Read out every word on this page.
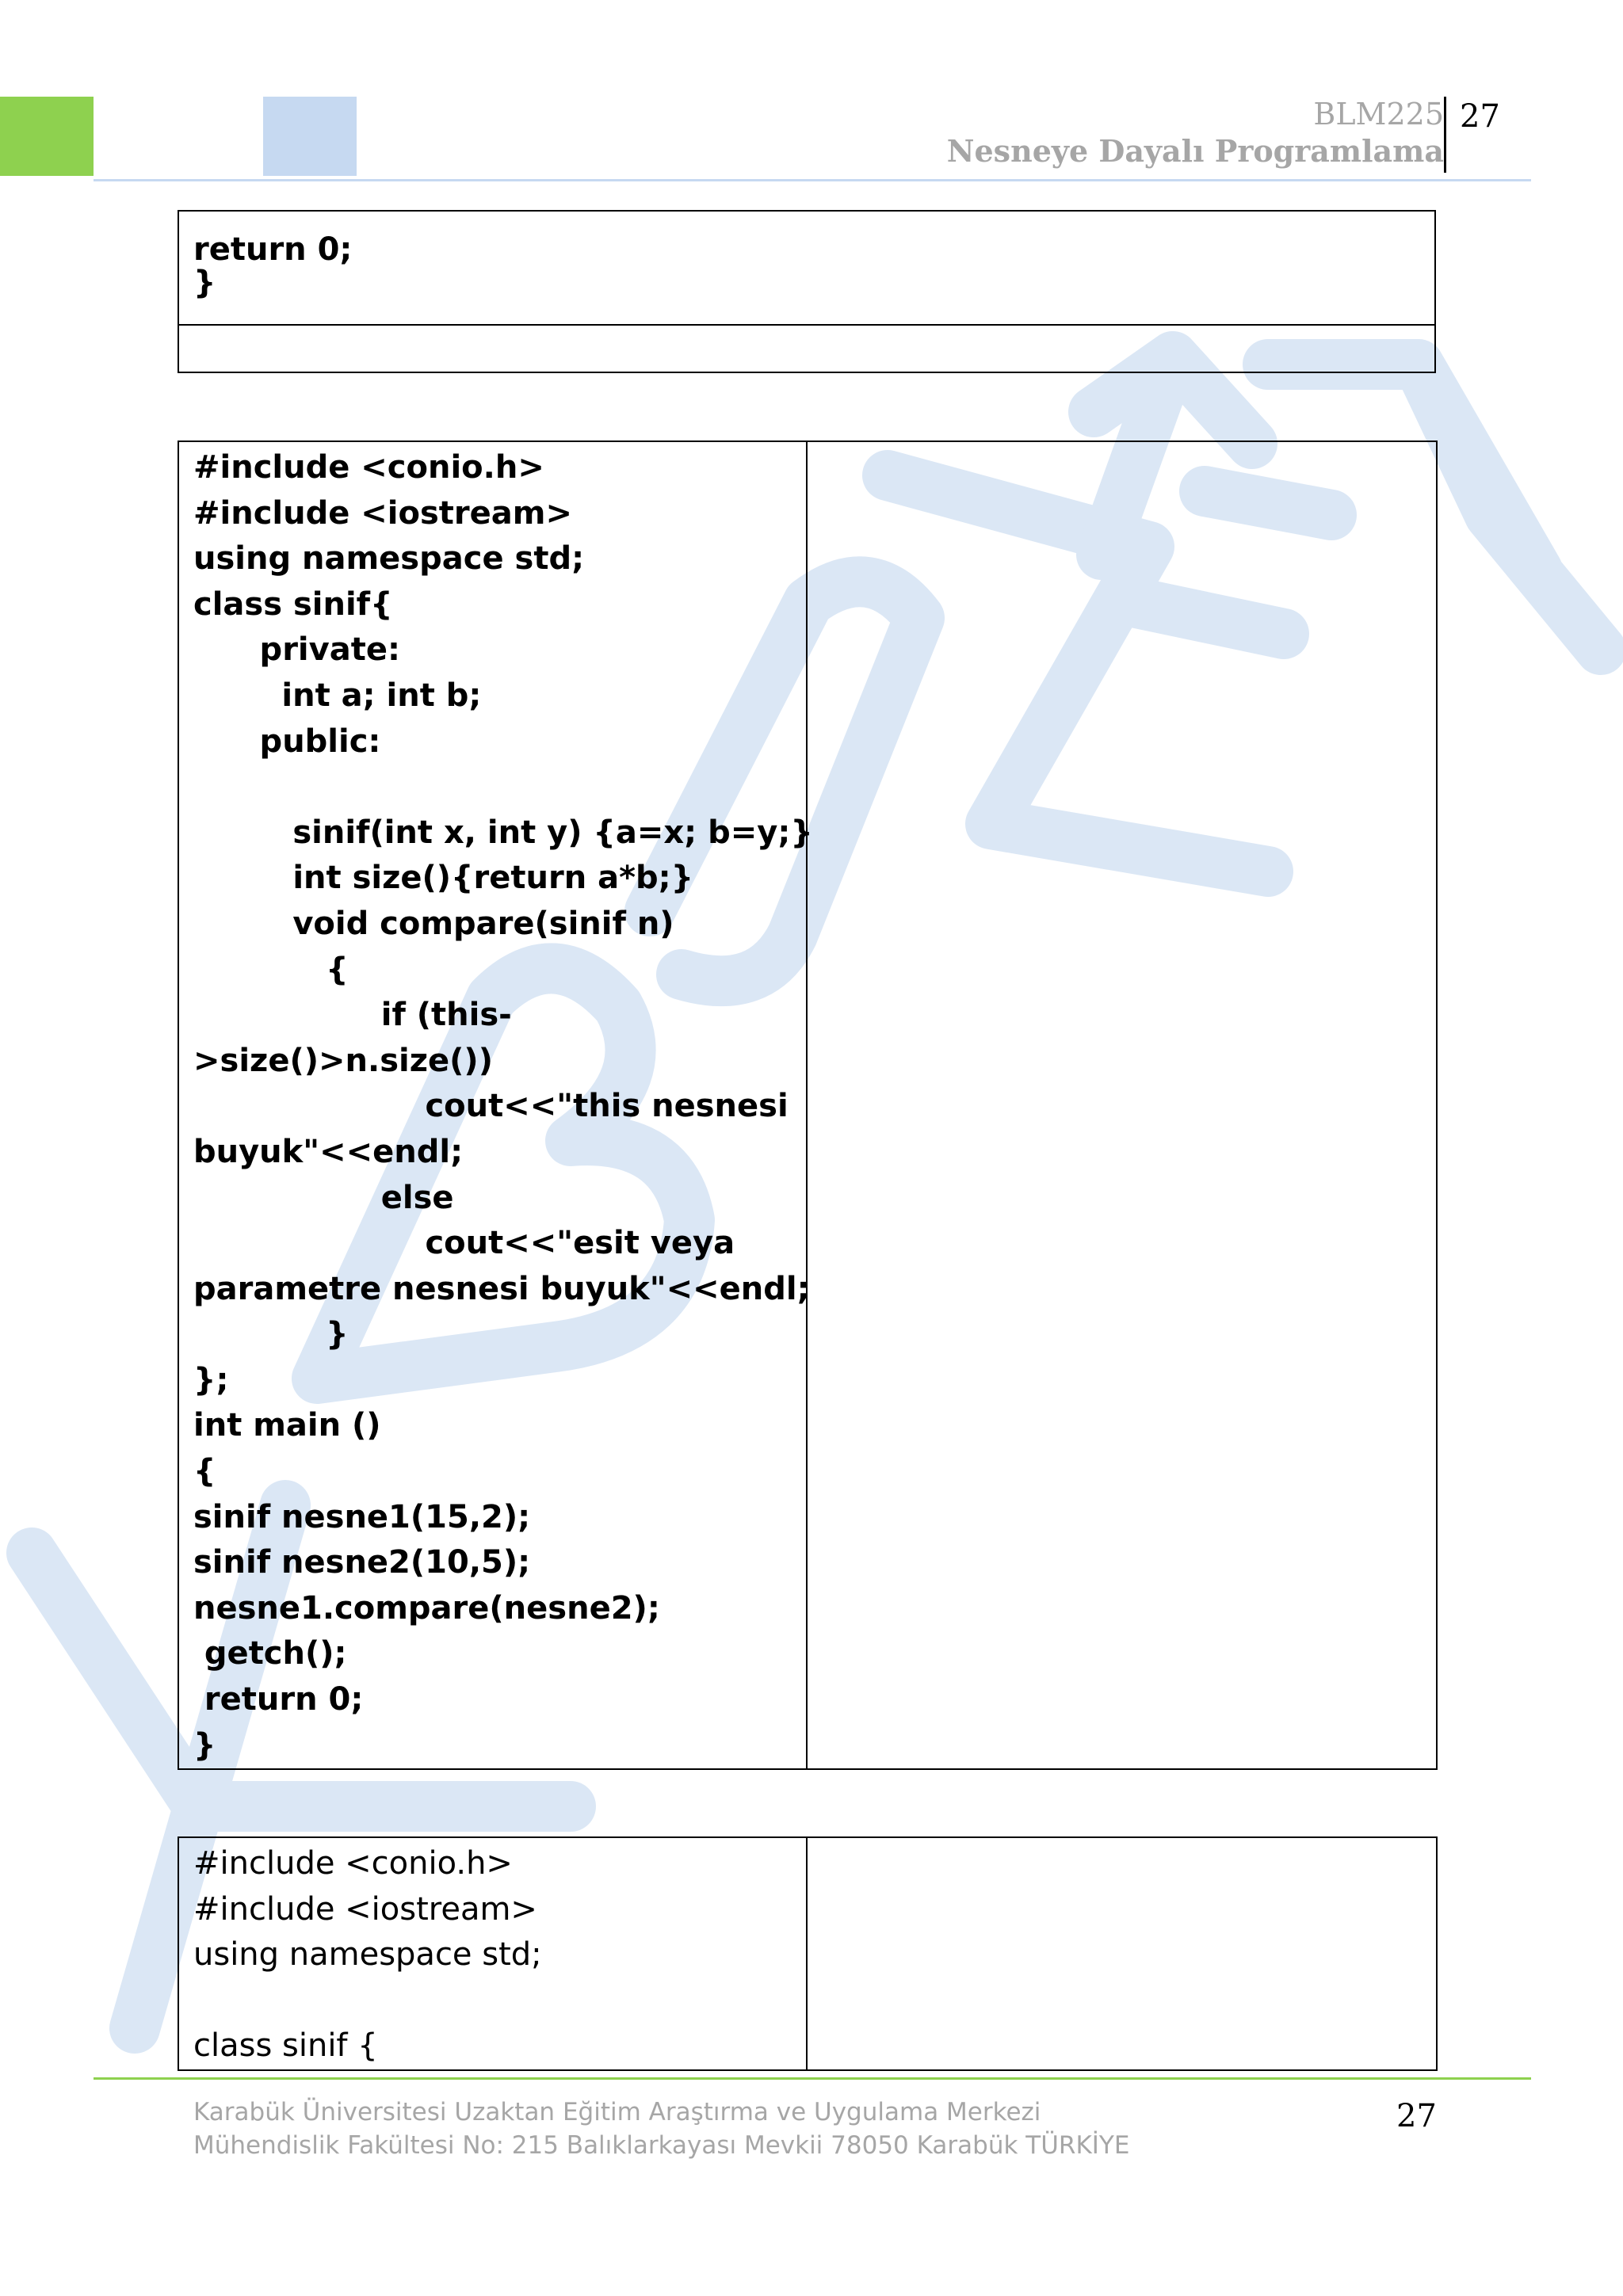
BLM225
Nesneye Dayalı Programlama
27
return 0;
}

#include <conio.h>
#include <iostream>
using namespace std;
class sinif{
private:
int a; int b;
public:

sinif(int x, int y) {a=x; b=y;}
int size(){return a*b;}
void compare(sinif n)
{
if (this-
>size()>n.size())
cout<<"this nesnesi
buyuk"<<endl;
else
cout<<"esit veya
parametre nesnesi buyuk"<<endl;
}
};
int main ()
{
sinif nesne1(15,2);
sinif nesne2(10,5);
nesne1.compare(nesne2);
getch();
return 0;
}

#include <conio.h>
#include <iostream>
using namespace std;

class sinif {

Karabük Üniversitesi Uzaktan Eğitim Araştırma ve Uygulama Merkezi
Mühendislik Fakültesi No: 215 Balıklarkayası Mevkii 78050 Karabük TÜRKİYE
27
